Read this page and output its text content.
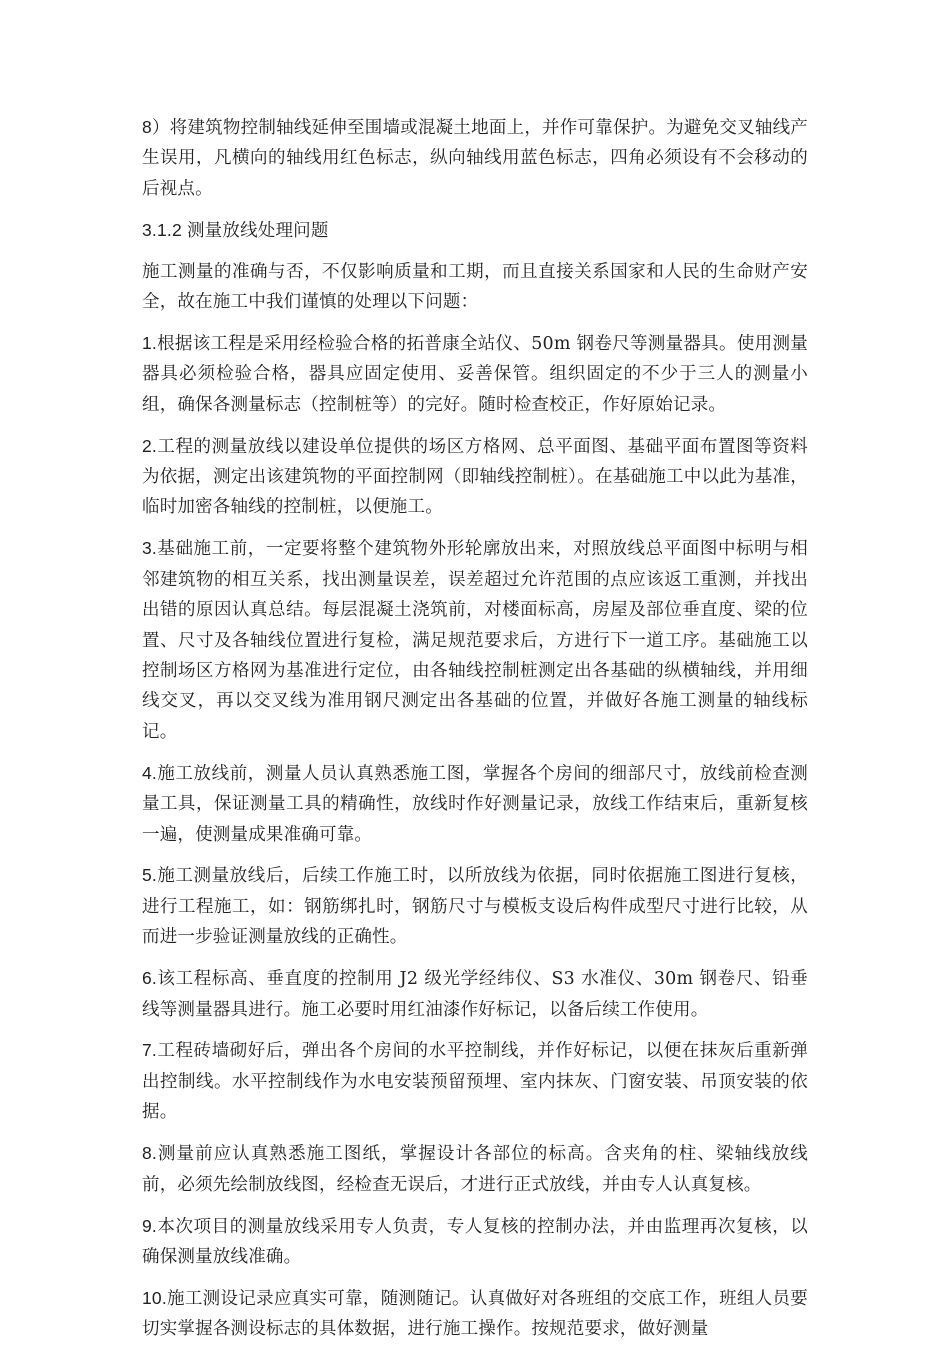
8）将建筑物控制轴线延伸至围墙或混凝土地面上，并作可靠保护。为避免交叉轴线产生误用，凡横向的轴线用红色标志，纵向轴线用蓝色标志，四角必须设有不会移动的后视点。

3.1.2 测量放线处理问题

施工测量的准确与否，不仅影响质量和工期，而且直接关系国家和人民的生命财产安全，故在施工中我们谨慎的处理以下问题：

1.根据该工程是采用经检验合格的拓普康全站仪、50m 钢卷尺等测量器具。使用测量器具必须检验合格，器具应固定使用、妥善保管。组织固定的不少于三人的测量小组，确保各测量标志（控制桩等）的完好。随时检查校正，作好原始记录。

2.工程的测量放线以建设单位提供的场区方格网、总平面图、基础平面布置图等资料为依据，测定出该建筑物的平面控制网（即轴线控制桩）。在基础施工中以此为基准，临时加密各轴线的控制桩，以便施工。

3.基础施工前，一定要将整个建筑物外形轮廓放出来，对照放线总平面图中标明与相邻建筑物的相互关系，找出测量误差，误差超过允许范围的点应该返工重测，并找出出错的原因认真总结。每层混凝土浇筑前，对楼面标高，房屋及部位垂直度、梁的位置、尺寸及各轴线位置进行复检，满足规范要求后，方进行下一道工序。基础施工以控制场区方格网为基准进行定位，由各轴线控制桩测定出各基础的纵横轴线，并用细线交叉，再以交叉线为准用钢尺测定出各基础的位置，并做好各施工测量的轴线标记。

4.施工放线前，测量人员认真熟悉施工图，掌握各个房间的细部尺寸，放线前检查测量工具，保证测量工具的精确性，放线时作好测量记录，放线工作结束后，重新复核一遍，使测量成果准确可靠。

5.施工测量放线后，后续工作施工时，以所放线为依据，同时依据施工图进行复核，进行工程施工，如：钢筋绑扎时，钢筋尺寸与模板支设后构件成型尺寸进行比较，从而进一步验证测量放线的正确性。

6.该工程标高、垂直度的控制用 J2 级光学经纬仪、S3 水准仪、30m 钢卷尺、铅垂线等测量器具进行。施工必要时用红油漆作好标记，以备后续工作使用。

7.工程砖墙砌好后，弹出各个房间的水平控制线，并作好标记，以便在抹灰后重新弹出控制线。水平控制线作为水电安装预留预埋、室内抹灰、门窗安装、吊顶安装的依据。

8.测量前应认真熟悉施工图纸，掌握设计各部位的标高。含夹角的柱、梁轴线放线前，必须先绘制放线图，经检查无误后，才进行正式放线，并由专人认真复核。

9.本次项目的测量放线采用专人负责，专人复核的控制办法，并由监理再次复核，以确保测量放线准确。

10.施工测设记录应真实可靠，随测随记。认真做好对各班组的交底工作，班组人员要切实掌握各测设标志的具体数据，进行施工操作。按规范要求，做好测量
